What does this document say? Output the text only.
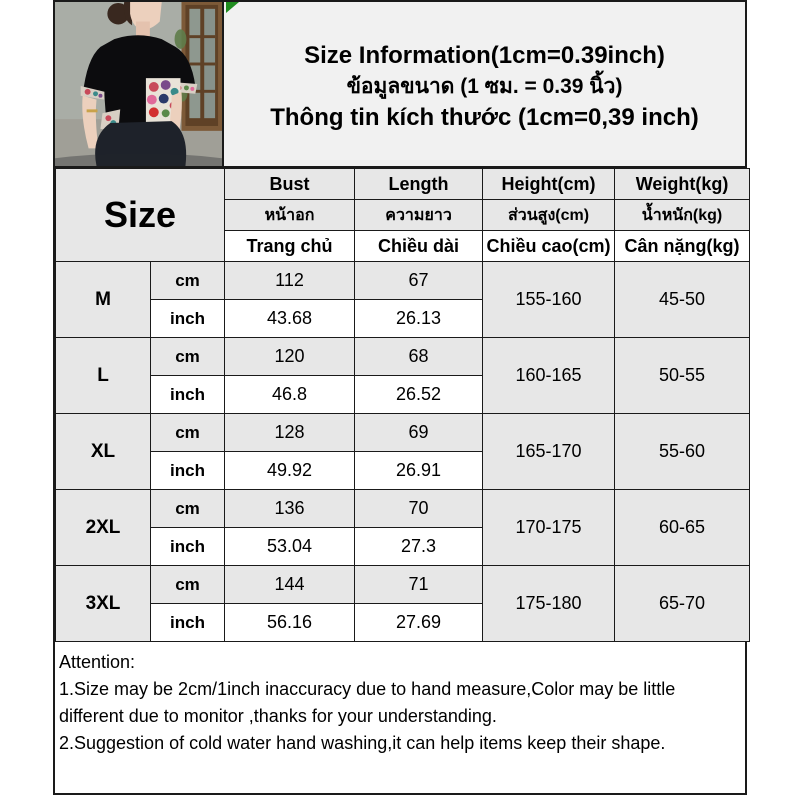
Size Information(1cm=0.39inch)
ข้อมูลขนาด (1 ซม. = 0.39 นิ้ว)
Thông tin kích thước (1cm=0,39 inch)
Size		Bust	Length	Height(cm)	Weight(kg)
		หน้าอก	ความยาว	ส่วนสูง(cm)	น้ำหนัก(kg)
		Trang chủ	Chiều dài	Chiều cao(cm)	Cân nặng(kg)
M	cm	112	67	155-160	45-50
	inch	43.68	26.13		
L	cm	120	68	160-165	50-55
	inch	46.8	26.52		
XL	cm	128	69	165-170	55-60
	inch	49.92	26.91		
2XL	cm	136	70	170-175	60-65
	inch	53.04	27.3		
3XL	cm	144	71	175-180	65-70
	inch	56.16	27.69		
Attention:
1.Size may be 2cm/1inch inaccuracy due to hand measure,Color may be little different due to monitor ,thanks for your understanding.
2.Suggestion of cold water hand washing,it can help items keep their shape.
